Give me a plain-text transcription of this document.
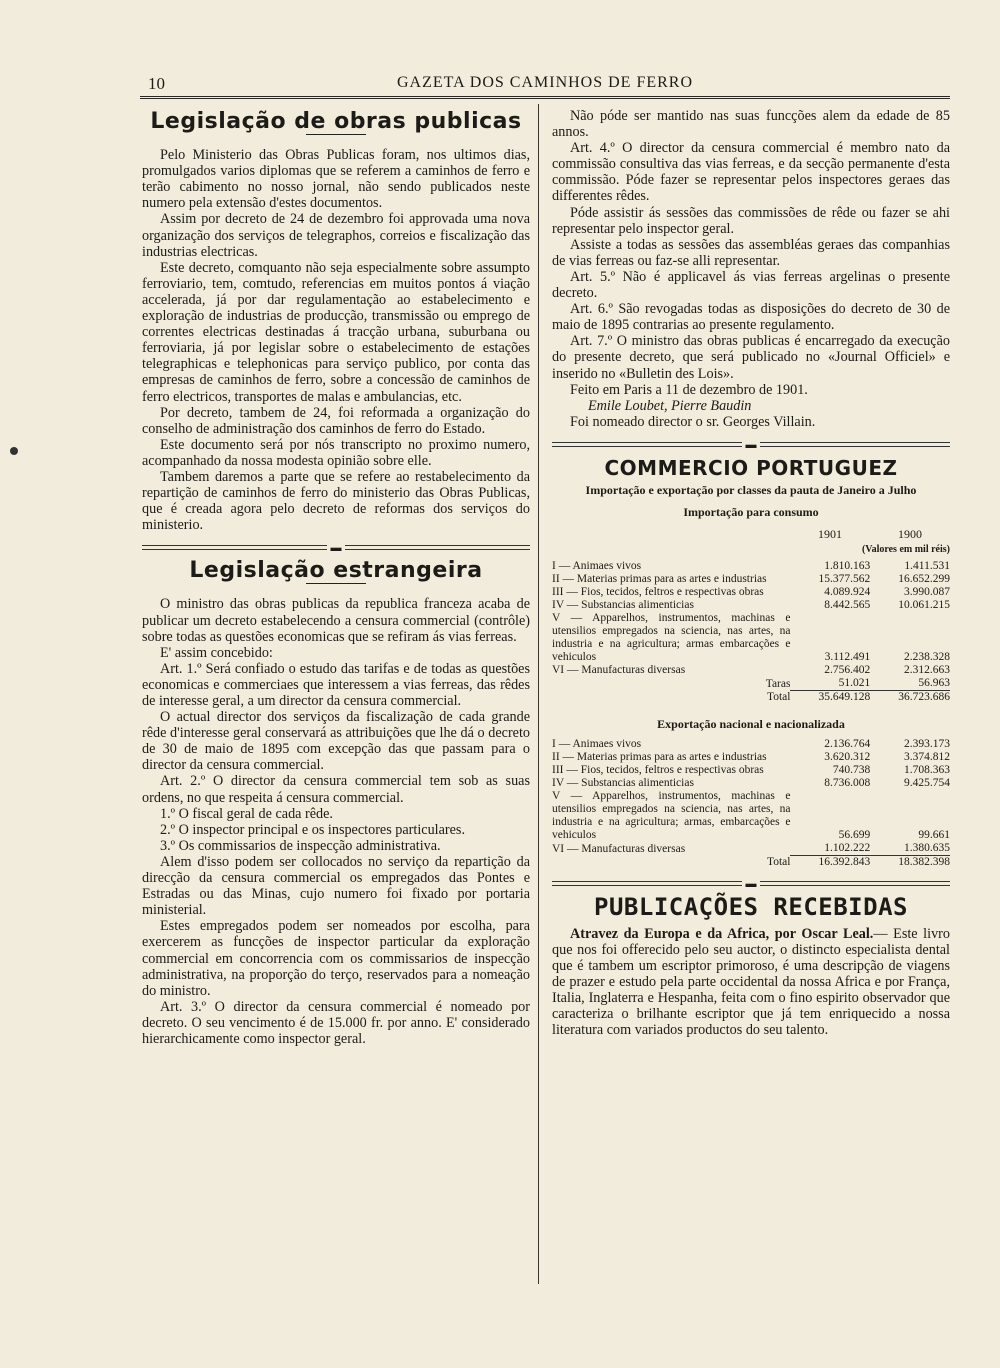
10	GAZETA DOS CAMINHOS DE FERRO
Legislação de obras publicas

Pelo Ministerio das Obras Publicas foram, nos ultimos dias, promulgados varios diplomas que se referem a caminhos de ferro e terão cabimento no nosso jornal, não sendo publicados neste numero pela extensão d'estes documentos.

Assim por decreto de 24 de dezembro foi approvada uma nova organização dos serviços de telegraphos, correios e fiscalização das industrias electricas.

Este decreto, comquanto não seja especialmente sobre assumpto ferroviario, tem, comtudo, referencias em muitos pontos á viação accelerada, já por dar regulamentação ao estabelecimento e exploração de industrias de producção, transmissão ou emprego de correntes electricas destinadas á tracção urbana, suburbana ou ferroviaria, já por legislar sobre o estabelecimento de estações telegraphicas e telephonicas para serviço publico, por conta das empresas de caminhos de ferro, sobre a concessão de caminhos de ferro electricos, transportes de malas e ambulancias, etc.

Por decreto, tambem de 24, foi reformada a organização do conselho de administração dos caminhos de ferro do Estado.

Este documento será por nós transcripto no proximo numero, acompanhado da nossa modesta opinião sobre elle.

Tambem daremos a parte que se refere ao restabelecimento da repartição de caminhos de ferro do ministerio das Obras Publicas, que é creada agora pelo decreto de reformas dos serviços do ministerio.

▬
Legislação estrangeira

O ministro das obras publicas da republica franceza acaba de publicar um decreto estabelecendo a censura commercial (contrôle) sobre todas as questões economicas que se refiram ás vias ferreas.

E' assim concebido:

Art. 1.º Será confiado o estudo das tarifas e de todas as questões economicas e commerciaes que interessem a vias ferreas, das rêdes de interesse geral, a um director da censura commercial.

O actual director dos serviços da fiscalização de cada grande rêde d'interesse geral conservará as attribuições que lhe dá o decreto de 30 de maio de 1895 com excepção das que passam para o director da censura commercial.

Art. 2.º O director da censura commercial tem sob as suas ordens, no que respeita á censura commercial.

1.º O fiscal geral de cada rêde.

2.º O inspector principal e os inspectores particulares.

3.º Os commissarios de inspecção administrativa.

Alem d'isso podem ser collocados no serviço da repartição da direcção da censura commercial os empregados das Pontes e Estradas ou das Minas, cujo numero foi fixado por portaria ministerial.

Estes empregados podem ser nomeados por escolha, para exercerem as funcções de inspector particular da exploração commercial em concorrencia com os commissarios de inspecção administrativa, na proporção do terço, reservados para a nomeação do ministro.

Art. 3.º O director da censura commercial é nomeado por decreto. O seu vencimento é de 15.000 fr. por anno. E' considerado hierarchicamente como inspector geral.

Não póde ser mantido nas suas funcções alem da edade de 85 annos.

Art. 4.º O director da censura commercial é membro nato da commissão consultiva das vias ferreas, e da secção permanente d'esta commissão. Póde fazer se representar pelos inspectores geraes das differentes rêdes.

Póde assistir ás sessões das commissões de rêde ou fazer se ahi representar pelo inspector geral.

Assiste a todas as sessões das assembléas geraes das companhias de vias ferreas ou faz-se alli representar.

Art. 5.º Não é applicavel ás vias ferreas argelinas o presente decreto.

Art. 6.º São revogadas todas as disposições do decreto de 30 de maio de 1895 contrarias ao presente regulamento.

Art. 7.º O ministro das obras publicas é encarregado da execução do presente decreto, que será publicado no «Journal Officiel» e inserido no «Bulletin des Lois».

Feito em Paris a 11 de dezembro de 1901.

Emile Loubet, Pierre Baudin

Foi nomeado director o sr. Georges Villain.

▬
COMMERCIO PORTUGUEZ
Importação e exportação por classes da pauta de Janeiro a Julho
Importação para consumo
1901	1900
(Valores em mil réis)
I — Animaes vivos	1.810.163	1.411.531
II — Materias primas para as artes e industrias	15.377.562	16.652.299
III — Fios, tecidos, feltros e respectivas obras	4.089.924	3.990.087
IV — Substancias alimenticias	8.442.565	10.061.215
V — Apparelhos, instrumentos, machinas e utensilios empregados na sciencia, nas artes, na industria e na agricultura; armas embarcações e vehiculos	3.112.491	2.238.328
VI — Manufacturas diversas	2.756.402	2.312.663
Taras	51.021	56.963
Total	35.649.128	36.723.686
Exportação nacional e nacionalizada
I — Animaes vivos	2.136.764	2.393.173
II — Materias primas para as artes e industrias	3.620.312	3.374.812
III — Fios, tecidos, feltros e respectivas obras	740.738	1.708.363
IV — Substancias alimenticias	8.736.008	9.425.754
V — Apparelhos, instrumentos, machinas e utensilios empregados na sciencia, nas artes, na industria e na agricultura; armas, embarcações e vehiculos	56.699	99.661
VI — Manufacturas diversas	1.102.222	1.380.635
Total	16.392.843	18.382.398
▬
PUBLICAÇÕES RECEBIDAS

Atravez da Europa e da Africa, por Oscar Leal.— Este livro que nos foi offerecido pelo seu auctor, o distincto especialista dental que é tambem um escriptor primoroso, é uma descripção de viagens de prazer e estudo pela parte occidental da nossa Africa e por França, Italia, Inglaterra e Hespanha, feita com o fino espirito observador que caracteriza o brilhante escriptor que já tem enriquecido a nossa literatura com variados productos do seu talento.
